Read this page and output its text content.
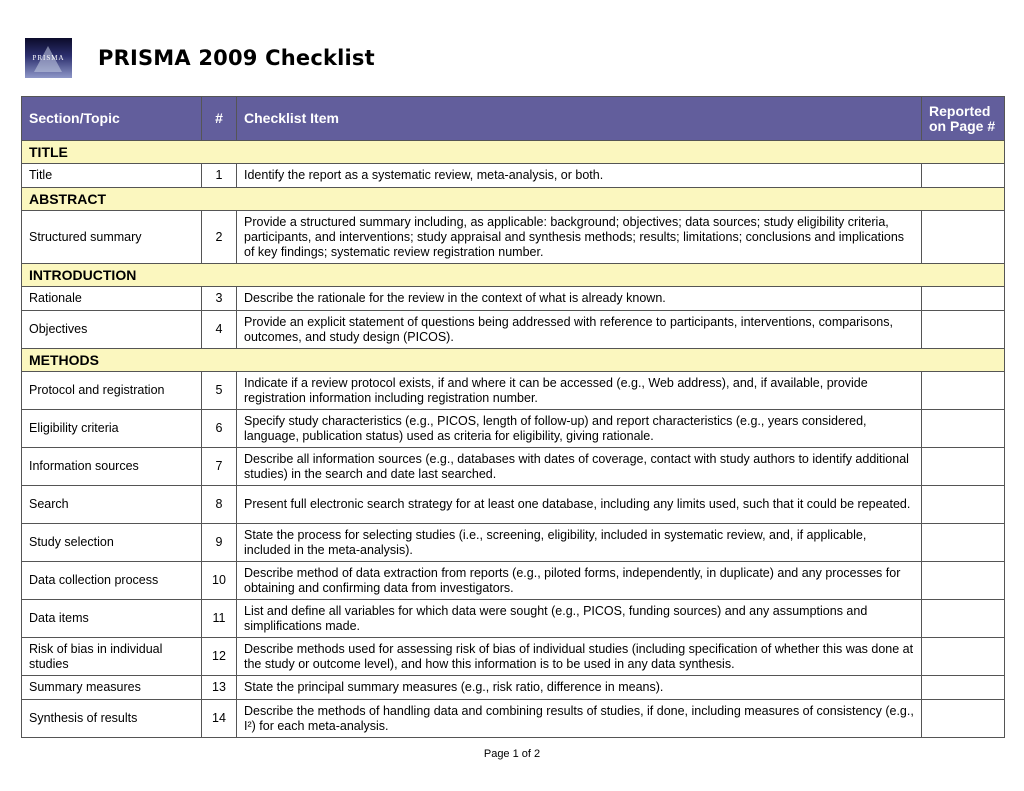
PRISMA	PRISMA 2009 Checklist
Section/Topic	#	Checklist Item	Reported on Page #
TITLE			
Title	1	Identify the report as a systematic review, meta-analysis, or both.	
ABSTRACT			
Structured summary	2	Provide a structured summary including, as applicable: background; objectives; data sources; study eligibility criteria, participants, and interventions; study appraisal and synthesis methods; results; limitations; conclusions and implications of key findings; systematic review registration number.	
INTRODUCTION			
Rationale	3	Describe the rationale for the review in the context of what is already known.	
Objectives	4	Provide an explicit statement of questions being addressed with reference to participants, interventions, comparisons, outcomes, and study design (PICOS).	
METHODS			
Protocol and registration	5	Indicate if a review protocol exists, if and where it can be accessed (e.g., Web address), and, if available, provide registration information including registration number.	
Eligibility criteria	6	Specify study characteristics (e.g., PICOS, length of follow-up) and report characteristics (e.g., years considered, language, publication status) used as criteria for eligibility, giving rationale.	
Information sources	7	Describe all information sources (e.g., databases with dates of coverage, contact with study authors to identify additional studies) in the search and date last searched.	
Search	8	Present full electronic search strategy for at least one database, including any limits used, such that it could be repeated.	
Study selection	9	State the process for selecting studies (i.e., screening, eligibility, included in systematic review, and, if applicable, included in the meta-analysis).	
Data collection process	10	Describe method of data extraction from reports (e.g., piloted forms, independently, in duplicate) and any processes for obtaining and confirming data from investigators.	
Data items	11	List and define all variables for which data were sought (e.g., PICOS, funding sources) and any assumptions and simplifications made.	
Risk of bias in individual studies	12	Describe methods used for assessing risk of bias of individual studies (including specification of whether this was done at the study or outcome level), and how this information is to be used in any data synthesis.	
Summary measures	13	State the principal summary measures (e.g., risk ratio, difference in means).	
Synthesis of results	14	Describe the methods of handling data and combining results of studies, if done, including measures of consistency (e.g., I²) for each meta-analysis.	
Page 1 of 2
